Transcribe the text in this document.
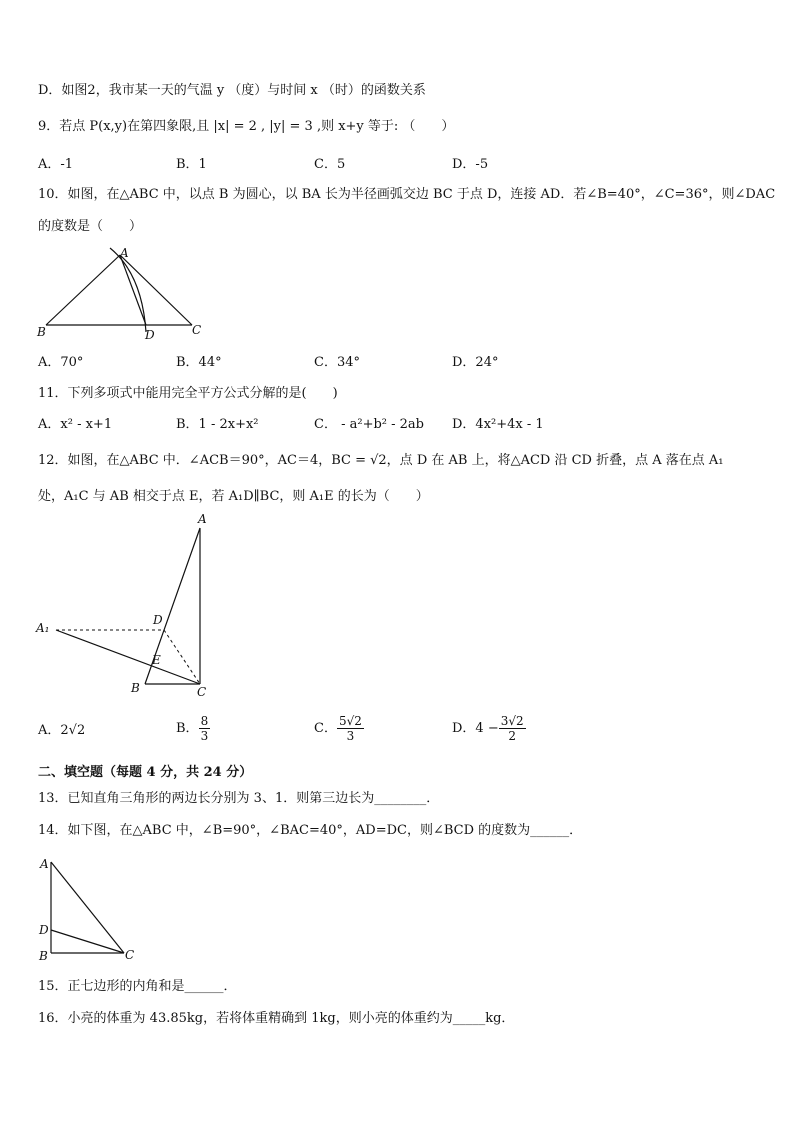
D．如图2，我市某一天的气温 y （度）与时间 x （时）的函数关系
9．若点 P(x,y)在第四象限,且 |x| = 2 , |y| = 3 ,则 x+y 等于: （　　）
A．-1	B．1	C．5	D．-5
10．如图，在△ABC 中，以点 B 为圆心，以 BA 长为半径画弧交边 BC 于点 D，连接 AD．若∠B=40°，∠C=36°，则∠DAC
的度数是（　　）
A
B	D	C
A．70°	B．44°	C．34°	D．24°
11．下列多项式中能用完全平方公式分解的是(　　)
A．x² - x+1	B．1 - 2x+x²	C． - a²+b² - 2ab D．4x²+4x - 1
12．如图，在△ABC 中．∠ACB＝90°，AC＝4，BC = √2，点 D 在 AB 上，将△ACD 沿 CD 折叠，点 A 落在点 A₁
处，A₁C 与 AB 相交于点 E，若 A₁D∥BC，则 A₁E 的长为（　　）
A
A₁
D
E
B	C
A．2√2	B． $\frac{8}{3}$	C． $\frac{5√2}{3}$	D．$4 - \frac{3√2}{2}$
二、填空题（每题 4 分，共 24 分）
13．已知直角三角形的两边长分别为 3、1．则第三边长为________．
14．如下图，在△ABC 中，∠B=90°，∠BAC=40°，AD=DC，则∠BCD 的度数为______．
A
D
B	C
15．正七边形的内角和是______．
16．小亮的体重为 43.85kg，若将体重精确到 1kg，则小亮的体重约为_____kg．
